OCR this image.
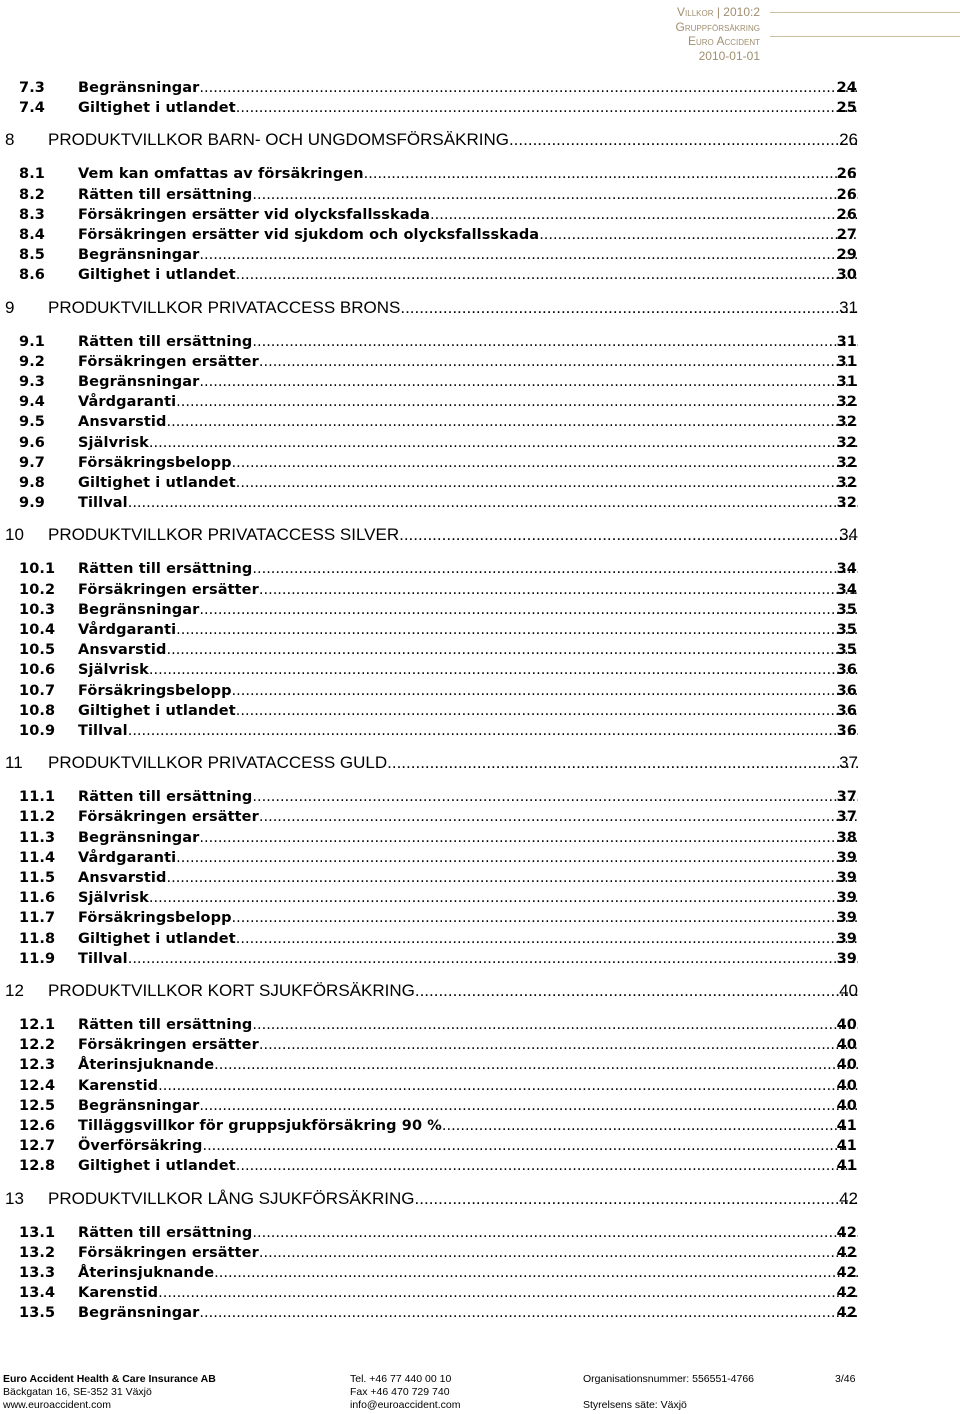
Villkor | 2010:2
Gruppförsäkring
Euro Accident
2010-01-01
7.3 Begränsningar .....	24
7.4 Giltighet i utlandet .....	25
8 PRODUKTVILLKOR BARN- OCH UNGDOMSFÖRSÄKRING .....	26
8.1 Vem kan omfattas av försäkringen .....	26
8.2 Rätten till ersättning .....	26
8.3 Försäkringen ersätter vid olycksfallsskada .....	26
8.4 Försäkringen ersätter vid sjukdom och olycksfallsskada .....	27
8.5 Begränsningar .....	29
8.6 Giltighet i utlandet .....	30
9 PRODUKTVILLKOR PRIVATACCESS BRONS .....	31
9.1 Rätten till ersättning .....	31
9.2 Försäkringen ersätter .....	31
9.3 Begränsningar .....	31
9.4 Vårdgaranti .....	32
9.5 Ansvarstid .....	32
9.6 Självrisk .....	32
9.7 Försäkringsbelopp .....	32
9.8 Giltighet i utlandet .....	32
9.9 Tillval .....	32
10 PRODUKTVILLKOR PRIVATACCESS SILVER .....	34
10.1 Rätten till ersättning .....	34
10.2 Försäkringen ersätter .....	34
10.3 Begränsningar .....	35
10.4 Vårdgaranti .....	35
10.5 Ansvarstid .....	35
10.6 Självrisk .....	36
10.7 Försäkringsbelopp .....	36
10.8 Giltighet i utlandet .....	36
10.9 Tillval .....	36
11 PRODUKTVILLKOR PRIVATACCESS GULD .....	37
11.1 Rätten till ersättning .....	37
11.2 Försäkringen ersätter .....	37
11.3 Begränsningar .....	38
11.4 Vårdgaranti .....	39
11.5 Ansvarstid .....	39
11.6 Självrisk .....	39
11.7 Försäkringsbelopp .....	39
11.8 Giltighet i utlandet .....	39
11.9 Tillval .....	39
12 PRODUKTVILLKOR KORT SJUKFÖRSÄKRING .....	40
12.1 Rätten till ersättning .....	40
12.2 Försäkringen ersätter .....	40
12.3 Återinsjuknande .....	40
12.4 Karenstid .....	40
12.5 Begränsningar .....	40
12.6 Tilläggsvillkor för gruppsjukförsäkring 90 % .....	41
12.7 Överförsäkring .....	41
12.8 Giltighet i utlandet .....	41
13 PRODUKTVILLKOR LÅNG SJUKFÖRSÄKRING .....	42
13.1 Rätten till ersättning .....	42
13.2 Försäkringen ersätter .....	42
13.3 Återinsjuknande .....	42
13.4 Karenstid .....	42
13.5 Begränsningar .....	42
Euro Accident Health & Care Insurance AB
Bäckgatan 16, SE-352 31 Växjö
www.euroaccident.com
Tel. +46 77 440 00 10
Fax +46 470 729 740
info@euroaccident.com
Organisationsnummer: 556551-4766

Styrelsens säte: Växjö
3/46
